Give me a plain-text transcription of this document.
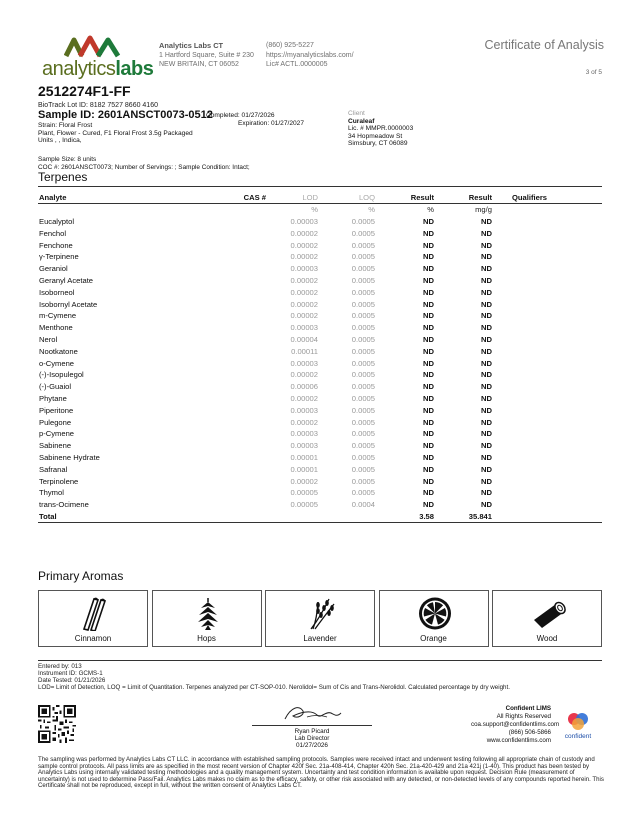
analyticslabs
Analytics Labs CT
1 Hartford Square, Suite # 230
NEW BRITAIN, CT 06052
(860) 925-5227
https://myanalyticslabs.com/
Lic# ACTL.0000005
Certificate of Analysis
3 of 5
2512274F1-FF
BioTrack Lot ID: 8182 7527 8660 4160
Sample ID: 2601ANSCT0073-0512
Completed: 01/27/2026
Expiration: 01/27/2027
Strain: Floral Frost
Plant, Flower - Cured, F1 Floral Frost 3.5g Packaged
Units , , Indica,
Sample Size: 8 units
COC #: 2601ANSCT0073; Number of Servings: ; Sample Condition: Intact;
Client
Curaleaf
Lic. # MMPR.0000003
34 Hopmeadow St
Simsbury, CT 06089
Terpenes
Analyte	CAS #	LOD	LOQ	Result	Result	Qualifiers
		%	%	%	mg/g	
Eucalyptol		0.00003	0.0005	ND	ND	
Fenchol		0.00002	0.0005	ND	ND	
Fenchone		0.00002	0.0005	ND	ND	
γ-Terpinene		0.00002	0.0005	ND	ND	
Geraniol		0.00003	0.0005	ND	ND	
Geranyl Acetate		0.00002	0.0005	ND	ND	
Isoborneol		0.00002	0.0005	ND	ND	
Isobornyl Acetate		0.00002	0.0005	ND	ND	
m-Cymene		0.00002	0.0005	ND	ND	
Menthone		0.00003	0.0005	ND	ND	
Nerol		0.00004	0.0005	ND	ND	
Nootkatone		0.00011	0.0005	ND	ND	
o-Cymene		0.00003	0.0005	ND	ND	
(-)-Isopulegol		0.00002	0.0005	ND	ND	
(-)-Guaiol		0.00006	0.0005	ND	ND	
Phytane		0.00002	0.0005	ND	ND	
Piperitone		0.00003	0.0005	ND	ND	
Pulegone		0.00002	0.0005	ND	ND	
p-Cymene		0.00003	0.0005	ND	ND	
Sabinene		0.00003	0.0005	ND	ND	
Sabinene Hydrate		0.00001	0.0005	ND	ND	
Safranal		0.00001	0.0005	ND	ND	
Terpinolene		0.00002	0.0005	ND	ND	
Thymol		0.00005	0.0005	ND	ND	
trans-Ocimene		0.00005	0.0004	ND	ND	
Total				3.58	35.841	
Primary Aromas
Cinnamon	Hops	Lavender	Orange	Wood
Entered by: 013
Instrument ID: GCMS-1
Date Tested: 01/21/2026
LOD= Limit of Detection, LOQ = Limit of Quantitation. Terpenes analyzed per CT-SOP-010. Nerolidol= Sum of Cis and Trans-Nerolidol. Calculated percentage by dry weight.
Ryan Picard
Lab Director
01/27/2026
Confident LIMS
All Rights Reserved
coa.support@confidentlims.com
(866) 506-5866
www.confidentlims.com
confident
The sampling was performed by Analytics Labs CT LLC. in accordance with established sampling protocols. Samples were received intact and underwent testing following all appropriate chain of custody and sample control protocols. All pass limits are as specified in the most recent version of Chapter 420f Sec. 21a-408-414, Chapter 420h Sec. 21a-420-429 and 21a 421j (1-40). This product has been tested by Analytics Labs using internally validated testing methodologies and a quality management system. Uncertainty and test condition information is available upon request. Decision Rule (measurement of uncertainty) is not used to determine Pass/Fail. Analytics Labs makes no claim as to the efficacy, safety, or other risk associated with any detected, or non-detected levels of any compounds reported herein. This Certificate shall not be reproduced, except in full, without the written consent of Analytics Labs CT.
